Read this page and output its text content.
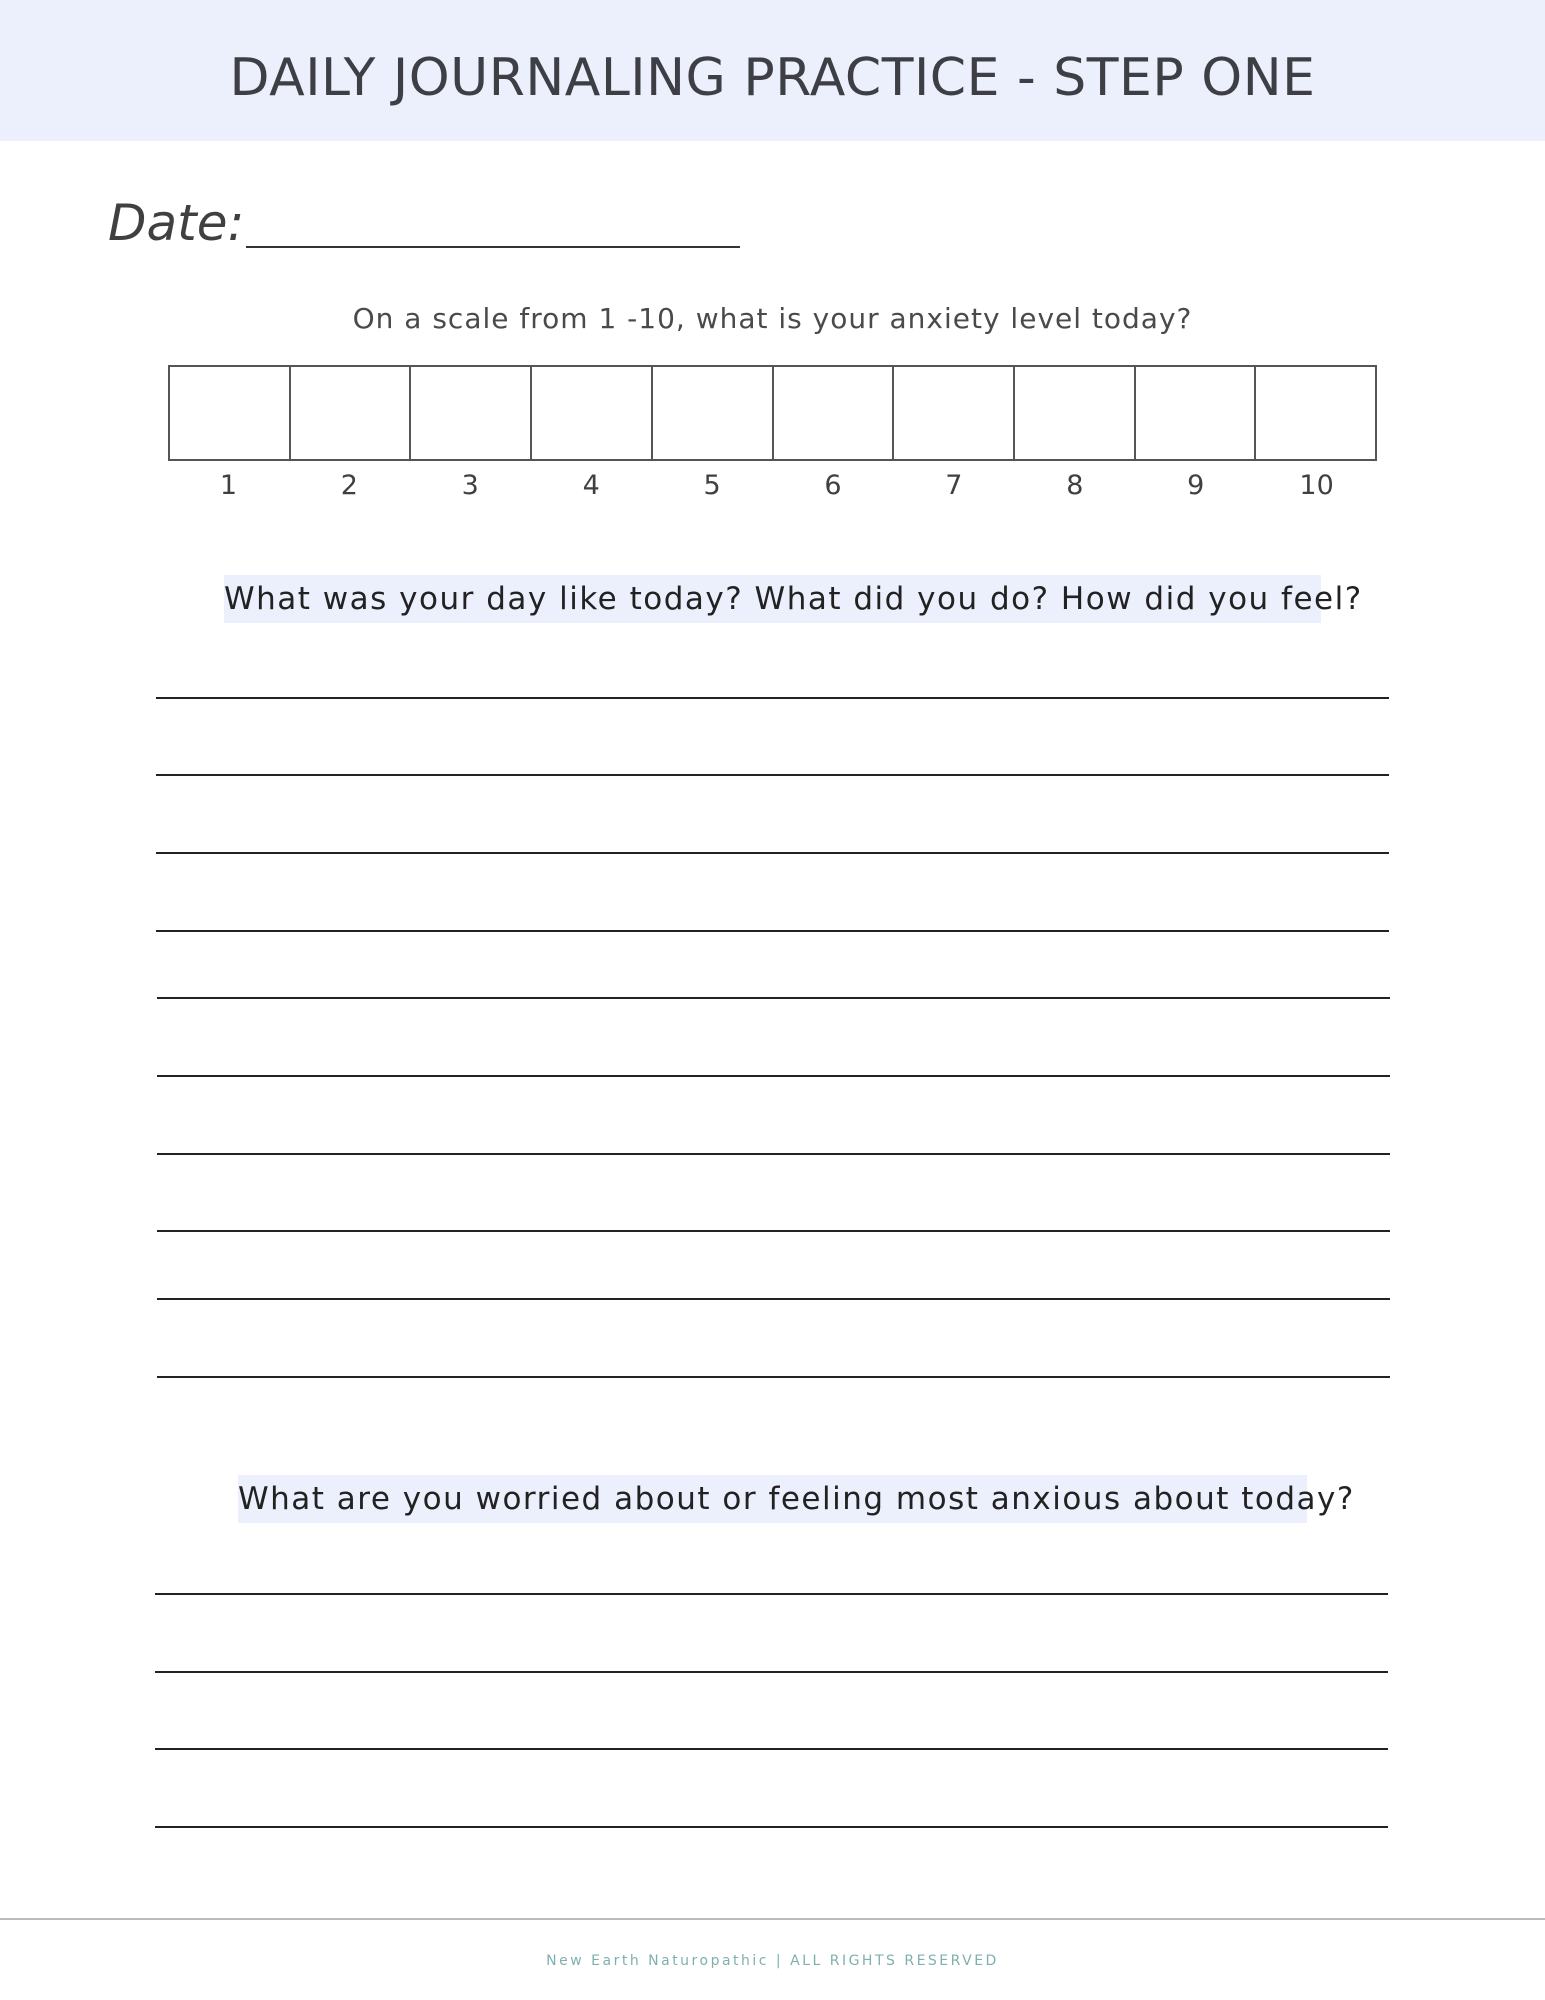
DAILY JOURNALING PRACTICE - STEP ONE
Date:
On a scale from 1 -10, what is your anxiety level today?
1	2	3	4	5	6	7	8	9	10
What was your day like today? What did you do? How did you feel?
What are you worried about or feeling most anxious about today?
New Earth Naturopathic | ALL RIGHTS RESERVED
